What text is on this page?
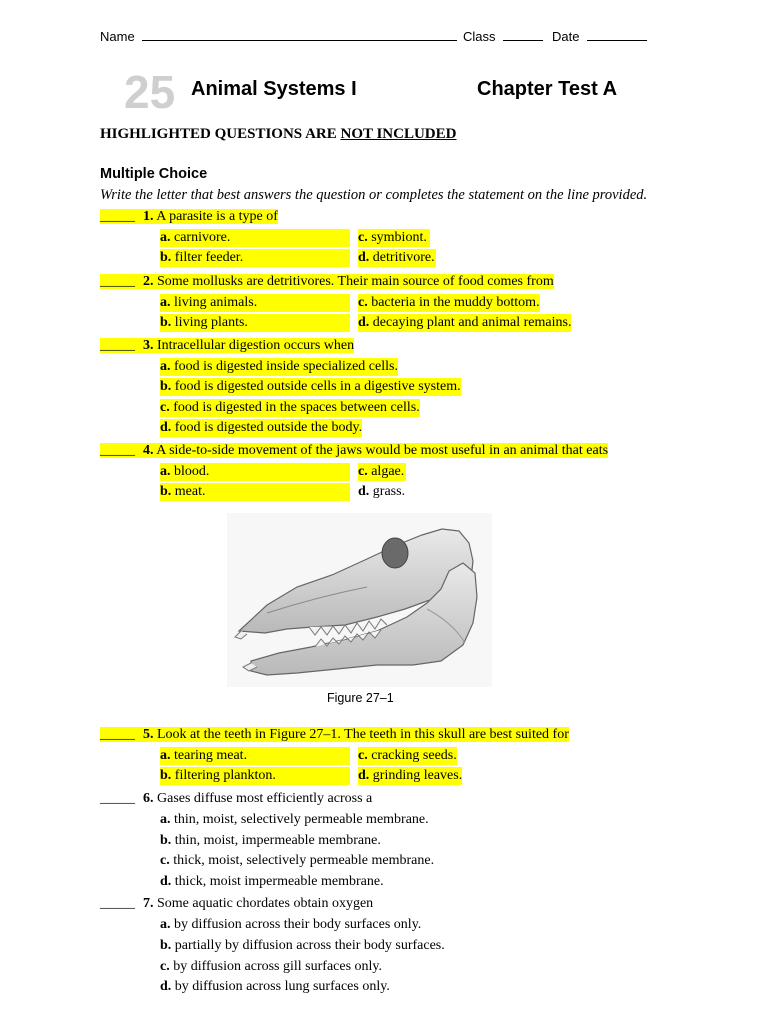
Name	Class	Date
25 Animal Systems I	Chapter Test A
HIGHLIGHTED QUESTIONS ARE NOT INCLUDED
Multiple Choice
Write the letter that best answers the question or completes the statement on the line provided.
_____ 1. A parasite is a type of
a. carnivore.	c. symbiont.
b. filter feeder.	d. detritivore.
_____ 2. Some mollusks are detritivores. Their main source of food comes from
a. living animals.	c. bacteria in the muddy bottom.
b. living plants.	d. decaying plant and animal remains.
_____ 3. Intracellular digestion occurs when
a. food is digested inside specialized cells.
b. food is digested outside cells in a digestive system.
c. food is digested in the spaces between cells.
d. food is digested outside the body.
_____ 4. A side-to-side movement of the jaws would be most useful in an animal that eats
a. blood.	c. algae.
b. meat.	d. grass.
Figure 27–1
_____ 5. Look at the teeth in Figure 27–1. The teeth in this skull are best suited for
a. tearing meat.	c. cracking seeds.
b. filtering plankton.	d. grinding leaves.
_____ 6. Gases diffuse most efficiently across a
a. thin, moist, selectively permeable membrane.
b. thin, moist, impermeable membrane.
c. thick, moist, selectively permeable membrane.
d. thick, moist impermeable membrane.
_____ 7. Some aquatic chordates obtain oxygen
a. by diffusion across their body surfaces only.
b. partially by diffusion across their body surfaces.
c. by diffusion across gill surfaces only.
d. by diffusion across lung surfaces only.
